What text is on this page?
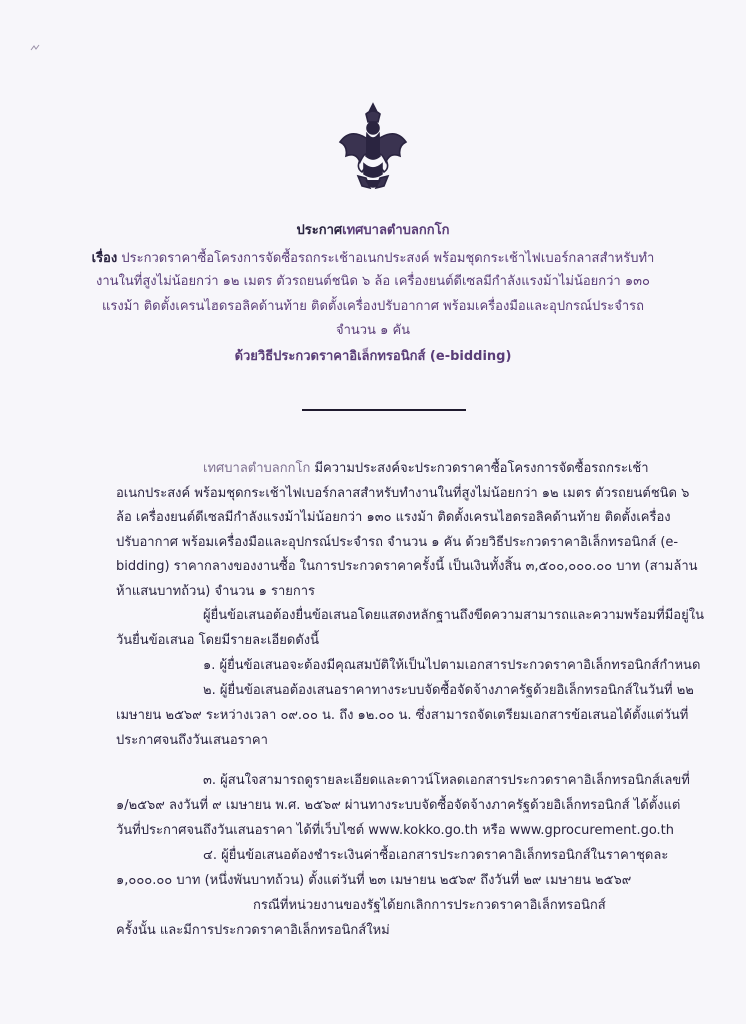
ประกาศเทศบาลตำบลกกโก
เรื่อง ประกวดราคาซื้อโครงการจัดซื้อรถกระเช้าอเนกประสงค์ พร้อมชุดกระเช้าไฟเบอร์กลาสสำหรับทำ
งานในที่สูงไม่น้อยกว่า ๑๒ เมตร ตัวรถยนต์ชนิด ๖ ล้อ เครื่องยนต์ดีเซลมีกำลังแรงม้าไม่น้อยกว่า ๑๓๐
แรงม้า ติดตั้งเครนไฮดรอลิคด้านท้าย ติดตั้งเครื่องปรับอากาศ พร้อมเครื่องมือและอุปกรณ์ประจำรถ
จำนวน ๑ คัน
ด้วยวิธีประกวดราคาอิเล็กทรอนิกส์ (e-bidding)
เทศบาลตำบลกกโก มีความประสงค์จะประกวดราคาซื้อโครงการจัดซื้อรถกระเช้า
อเนกประสงค์ พร้อมชุดกระเช้าไฟเบอร์กลาสสำหรับทำงานในที่สูงไม่น้อยกว่า ๑๒ เมตร ตัวรถยนต์ชนิด ๖
ล้อ เครื่องยนต์ดีเซลมีกำลังแรงม้าไม่น้อยกว่า ๑๓๐ แรงม้า ติดตั้งเครนไฮดรอลิคด้านท้าย ติดตั้งเครื่อง
ปรับอากาศ พร้อมเครื่องมือและอุปกรณ์ประจำรถ จำนวน ๑ คัน ด้วยวิธีประกวดราคาอิเล็กทรอนิกส์ (e-
bidding) ราคากลางของงานซื้อ ในการประกวดราคาครั้งนี้ เป็นเงินทั้งสิ้น ๓,๕๐๐,๐๐๐.๐๐ บาท (สามล้าน
ห้าแสนบาทถ้วน) จำนวน ๑ รายการ
ผู้ยื่นข้อเสนอต้องยื่นข้อเสนอโดยแสดงหลักฐานถึงขีดความสามารถและความพร้อมที่มีอยู่ใน
วันยื่นข้อเสนอ โดยมีรายละเอียดดังนี้
๑. ผู้ยื่นข้อเสนอจะต้องมีคุณสมบัติให้เป็นไปตามเอกสารประกวดราคาอิเล็กทรอนิกส์กำหนด
๒. ผู้ยื่นข้อเสนอต้องเสนอราคาทางระบบจัดซื้อจัดจ้างภาครัฐด้วยอิเล็กทรอนิกส์ในวันที่ ๒๒
เมษายน ๒๕๖๙ ระหว่างเวลา ๐๙.๐๐ น. ถึง ๑๒.๐๐ น. ซึ่งสามารถจัดเตรียมเอกสารข้อเสนอได้ตั้งแต่วันที่
ประกาศจนถึงวันเสนอราคา
๓. ผู้สนใจสามารถดูรายละเอียดและดาวน์โหลดเอกสารประกวดราคาอิเล็กทรอนิกส์เลขที่
๑/๒๕๖๙ ลงวันที่ ๙ เมษายน พ.ศ. ๒๕๖๙ ผ่านทางระบบจัดซื้อจัดจ้างภาครัฐด้วยอิเล็กทรอนิกส์ ได้ตั้งแต่
วันที่ประกาศจนถึงวันเสนอราคา ได้ที่เว็บไซต์ www.kokko.go.th หรือ www.gprocurement.go.th
๔. ผู้ยื่นข้อเสนอต้องชำระเงินค่าซื้อเอกสารประกวดราคาอิเล็กทรอนิกส์ในราคาชุดละ
๑,๐๐๐.๐๐ บาท (หนึ่งพันบาทถ้วน) ตั้งแต่วันที่ ๒๓ เมษายน ๒๕๖๙ ถึงวันที่ ๒๙ เมษายน ๒๕๖๙
กรณีที่หน่วยงานของรัฐได้ยกเลิกการประกวดราคาอิเล็กทรอนิกส์
ครั้งนั้น และมีการประกวดราคาอิเล็กทรอนิกส์ใหม่
